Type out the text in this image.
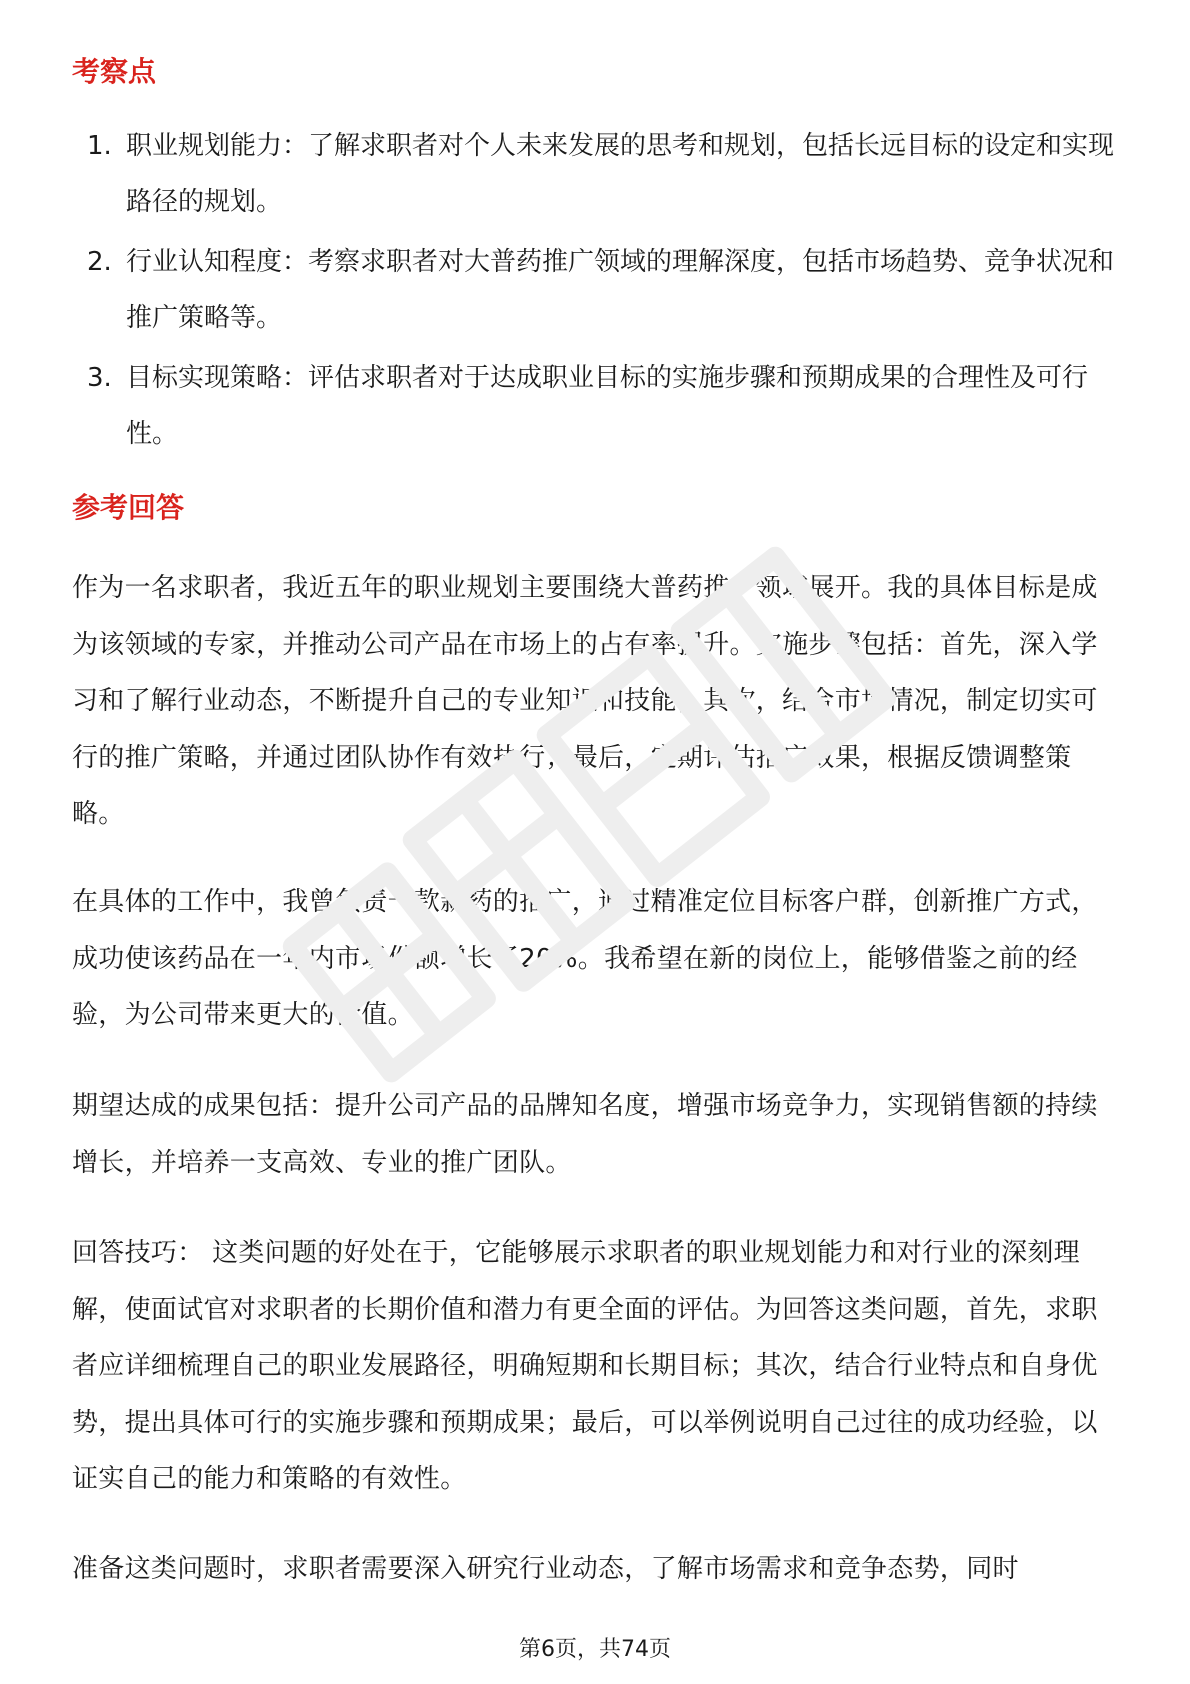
考察点
1. 职业规划能力：了解求职者对个人未来发展的思考和规划，包括长远目标的设定和实现路径的规划。
2. 行业认知程度：考察求职者对大普药推广领域的理解深度，包括市场趋势、竞争状况和推广策略等。
3. 目标实现策略：评估求职者对于达成职业目标的实施步骤和预期成果的合理性及可行性。
参考回答

作为一名求职者，我近五年的职业规划主要围绕大普药推广领域展开。我的具体目标是成为该领域的专家，并推动公司产品在市场上的占有率提升。实施步骤包括：首先，深入学习和了解行业动态，不断提升自己的专业知识和技能；其次，结合市场情况，制定切实可行的推广策略，并通过团队协作有效执行；最后，定期评估推广效果，根据反馈调整策略。

在具体的工作中，我曾负责一款新药的推广，通过精准定位目标客户群，创新推广方式，成功使该药品在一年内市场份额增长了20%。我希望在新的岗位上，能够借鉴之前的经验，为公司带来更大的价值。

期望达成的成果包括：提升公司产品的品牌知名度，增强市场竞争力，实现销售额的持续增长，并培养一支高效、专业的推广团队。

回答技巧： 这类问题的好处在于，它能够展示求职者的职业规划能力和对行业的深刻理解，使面试官对求职者的长期价值和潜力有更全面的评估。为回答这类问题，首先，求职者应详细梳理自己的职业发展路径，明确短期和长期目标；其次，结合行业特点和自身优势，提出具体可行的实施步骤和预期成果；最后，可以举例说明自己过往的成功经验，以证实自己的能力和策略的有效性。

准备这类问题时，求职者需要深入研究行业动态，了解市场需求和竞争态势，同时

第6页，共74页
